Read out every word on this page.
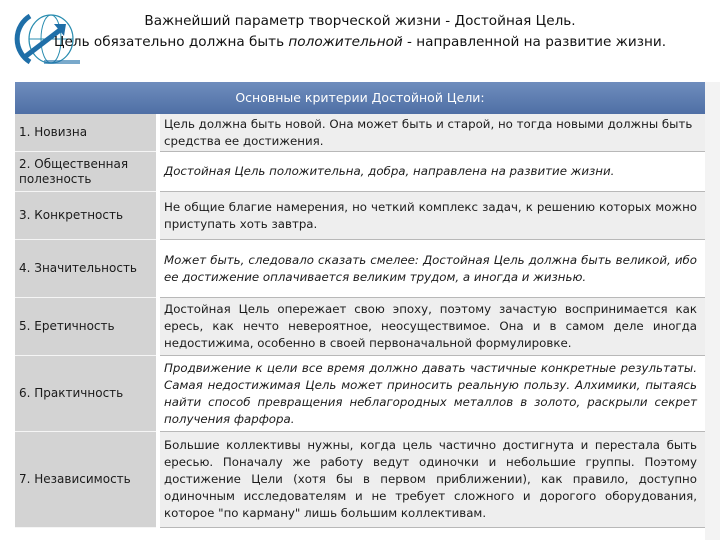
Важнейший параметр творческой жизни - Достойная Цель.
Цель обязательно должна быть положительной - направленной на развитие жизни.
Основные критерии Достойной Цели:
1. Новизна
Цель должна быть новой. Она может быть и старой, но тогда новыми должны быть средства ее достижения.
2. Общественная полезность
Достойная Цель положительна, добра, направлена на развитие жизни.
3. Конкретность
Не общие благие намерения, но четкий комплекс задач, к решению которых можно приступать хоть завтра.
4. Значительность
Может быть, следовало сказать смелее: Достойная Цель должна быть великой, ибо ее достижение оплачивается великим трудом, а иногда и жизнью.
5. Еретичность
Достойная Цель опережает свою эпоху, поэтому зачастую воспринимается как ересь, как нечто невероятное, неосуществимое. Она и в самом деле иногда недостижима, особенно в своей первоначальной формулировке.
6. Практичность
Продвижение к цели все время должно давать частичные конкретные результаты. Самая недостижимая Цель может приносить реальную пользу. Алхимики, пытаясь найти способ превращения неблагородных металлов в золото, раскрыли секрет получения фарфора.
7. Независимость
Большие коллективы нужны, когда цель частично достигнута и перестала быть ересью. Поначалу же работу ведут одиночки и небольшие группы. Поэтому достижение Цели (хотя бы в первом приближении), как правило, доступно одиночным исследователям и не требует сложного и дорогого оборудования, которое "по карману" лишь большим коллективам.
